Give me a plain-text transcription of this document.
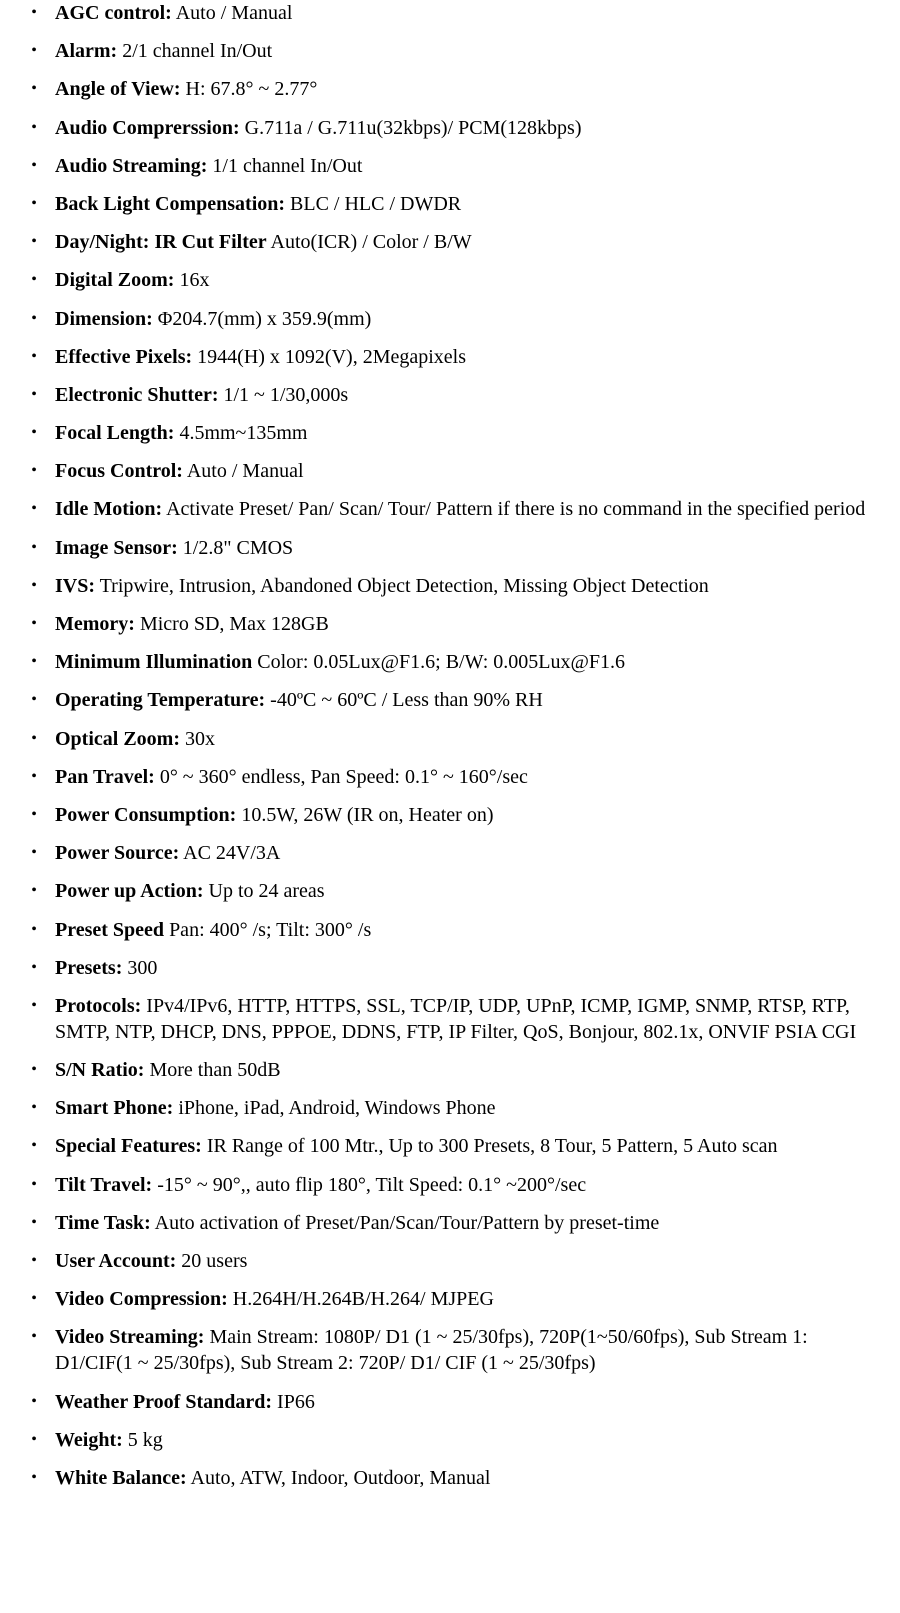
• AGC control: Auto / Manual
• Alarm: 2/1 channel In/Out
• Angle of View: H: 67.8° ~ 2.77°
• Audio Comprerssion: G.711a / G.711u(32kbps)/ PCM(128kbps)
• Audio Streaming: 1/1 channel In/Out
• Back Light Compensation: BLC / HLC / DWDR
• Day/Night: IR Cut Filter Auto(ICR) / Color / B/W
• Digital Zoom: 16x
• Dimension: Φ204.7(mm) x 359.9(mm)
• Effective Pixels: 1944(H) x 1092(V), 2Megapixels
• Electronic Shutter: 1/1 ~ 1/30,000s
• Focal Length: 4.5mm~135mm
• Focus Control: Auto / Manual
• Idle Motion: Activate Preset/ Pan/ Scan/ Tour/ Pattern if there is no command in the specified period
• Image Sensor: 1/2.8" CMOS
• IVS: Tripwire, Intrusion, Abandoned Object Detection, Missing Object Detection
• Memory: Micro SD, Max 128GB
• Minimum Illumination Color: 0.05Lux@F1.6; B/W: 0.005Lux@F1.6
• Operating Temperature: -40ºC ~ 60ºC / Less than 90% RH
• Optical Zoom: 30x
• Pan Travel: 0° ~ 360° endless, Pan Speed: 0.1° ~ 160°/sec
• Power Consumption: 10.5W, 26W (IR on, Heater on)
• Power Source: AC 24V/3A
• Power up Action: Up to 24 areas
• Preset Speed Pan: 400° /s; Tilt: 300° /s
• Presets: 300
• Protocols: IPv4/IPv6, HTTP, HTTPS, SSL, TCP/IP, UDP, UPnP, ICMP, IGMP, SNMP, RTSP, RTP, SMTP, NTP, DHCP, DNS, PPPOE, DDNS, FTP, IP Filter, QoS, Bonjour, 802.1x, ONVIF PSIA CGI
• S/N Ratio: More than 50dB
• Smart Phone: iPhone, iPad, Android, Windows Phone
• Special Features: IR Range of 100 Mtr., Up to 300 Presets, 8 Tour, 5 Pattern, 5 Auto scan
• Tilt Travel: -15° ~ 90°,, auto flip 180°, Tilt Speed: 0.1° ~200°/sec
• Time Task: Auto activation of Preset/Pan/Scan/Tour/Pattern by preset-time
• User Account: 20 users
• Video Compression: H.264H/H.264B/H.264/ MJPEG
• Video Streaming: Main Stream: 1080P/ D1 (1 ~ 25/30fps), 720P(1~50/60fps), Sub Stream 1: D1/CIF(1 ~ 25/30fps), Sub Stream 2: 720P/ D1/ CIF (1 ~ 25/30fps)
• Weather Proof Standard: IP66
• Weight: 5 kg
• White Balance: Auto, ATW, Indoor, Outdoor, Manual
